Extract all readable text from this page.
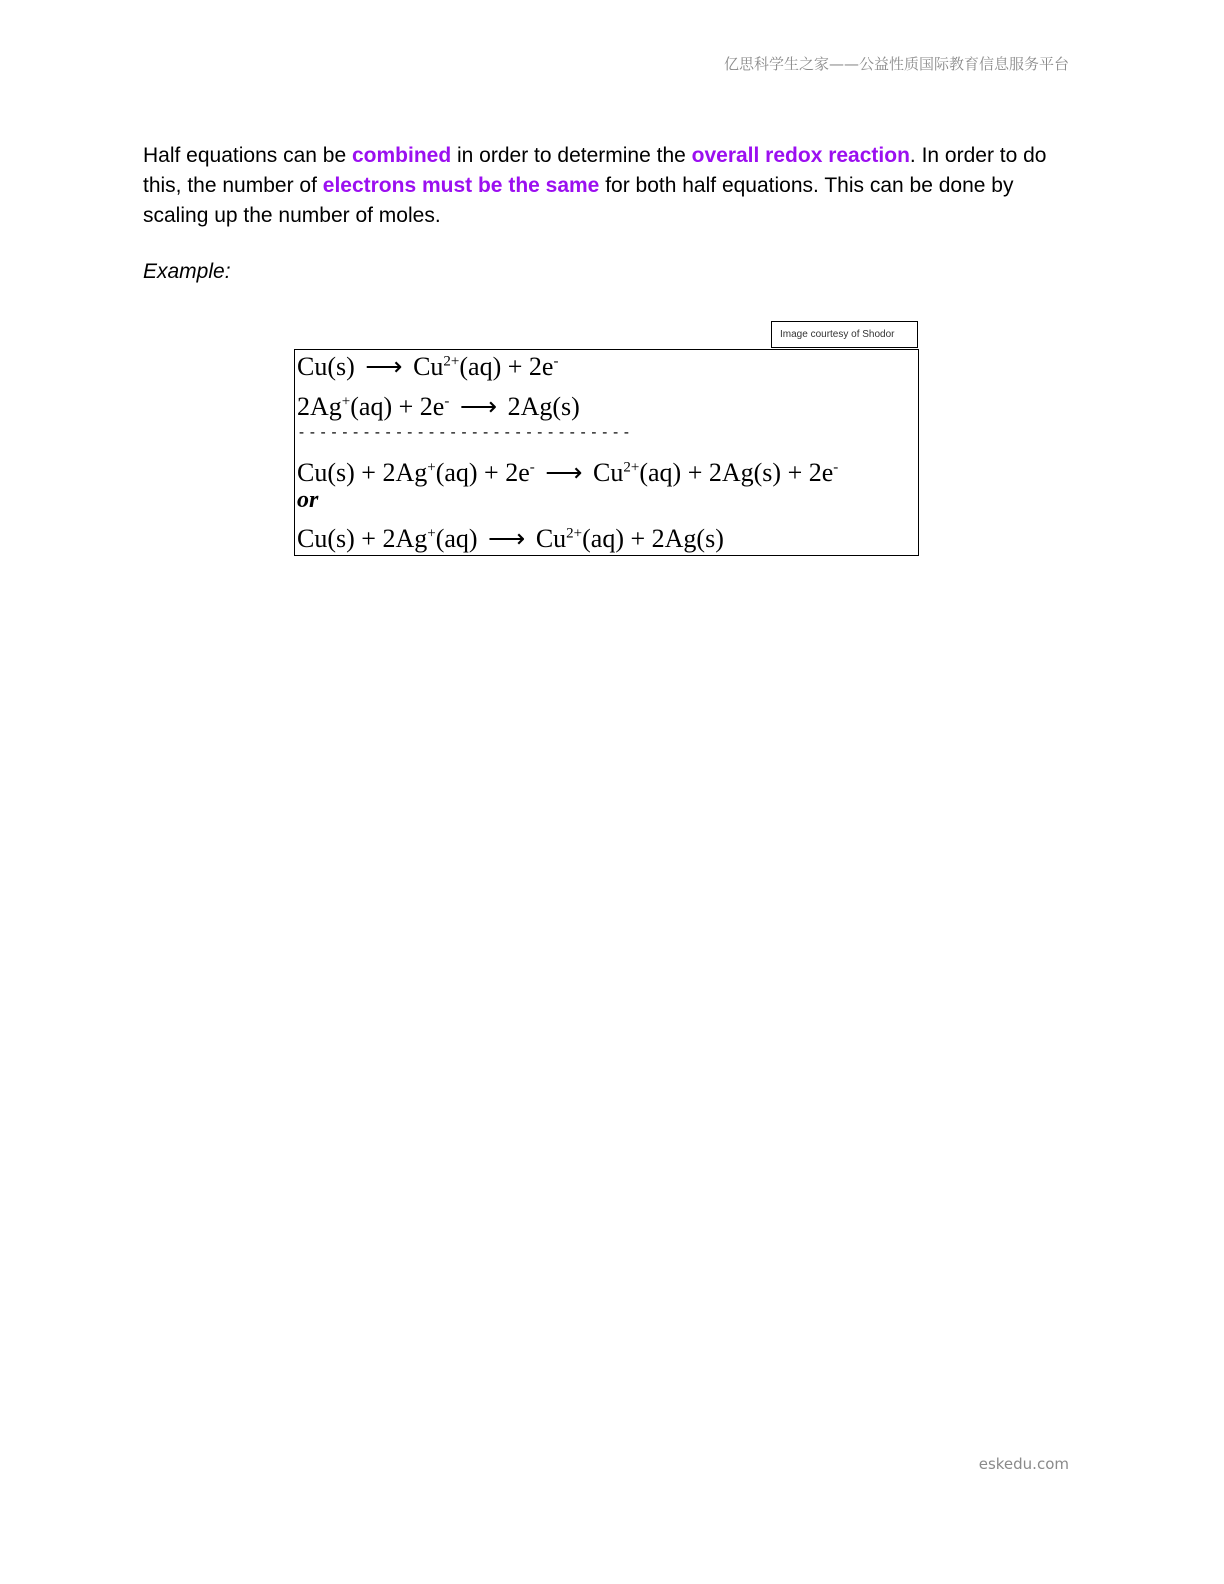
亿思科学生之家——公益性质国际教育信息服务平台

Half equations can be combined in order to determine the overall redox reaction. In order to do this, the number of electrons must be the same for both half equations. This can be done by scaling up the number of moles.

Example:

Image courtesy of Shodor
Cu(s) ⟶ $Cu^{2+}(aq) + 2e^-$
2Ag+(aq) + 2e- ⟶ 2Ag(s)
-------------------------------
Cu(s) + 2Ag+(aq) + 2e- ⟶ $Cu^{2+}(aq) + 2Ag(s) + 2e^-$
or
Cu(s) + 2Ag+(aq) ⟶ $Cu^{2+}(aq) + 2Ag(s)$
eskedu.com
